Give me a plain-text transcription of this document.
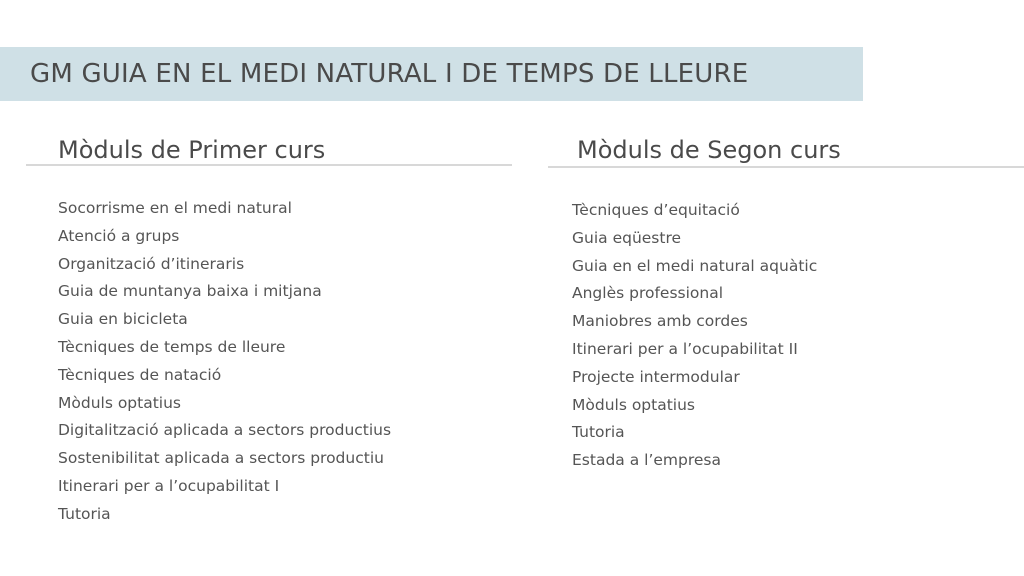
GM GUIA EN EL MEDI NATURAL I DE TEMPS DE LLEURE
Mòduls de Primer curs
Socorrisme en el medi natural
Atenció a grups
Organització d’itineraris
Guia de muntanya baixa i mitjana
Guia en bicicleta
Tècniques de temps de lleure
Tècniques de natació
Mòduls optatius
Digitalització aplicada a sectors productius
Sostenibilitat aplicada a sectors productiu
Itinerari per a l’ocupabilitat I
Tutoria
Mòduls de Segon curs
Tècniques d’equitació
Guia eqüestre
Guia en el medi natural aquàtic
Anglès professional
Maniobres amb cordes
Itinerari per a l’ocupabilitat II
Projecte intermodular
Mòduls optatius
Tutoria
Estada a l’empresa
